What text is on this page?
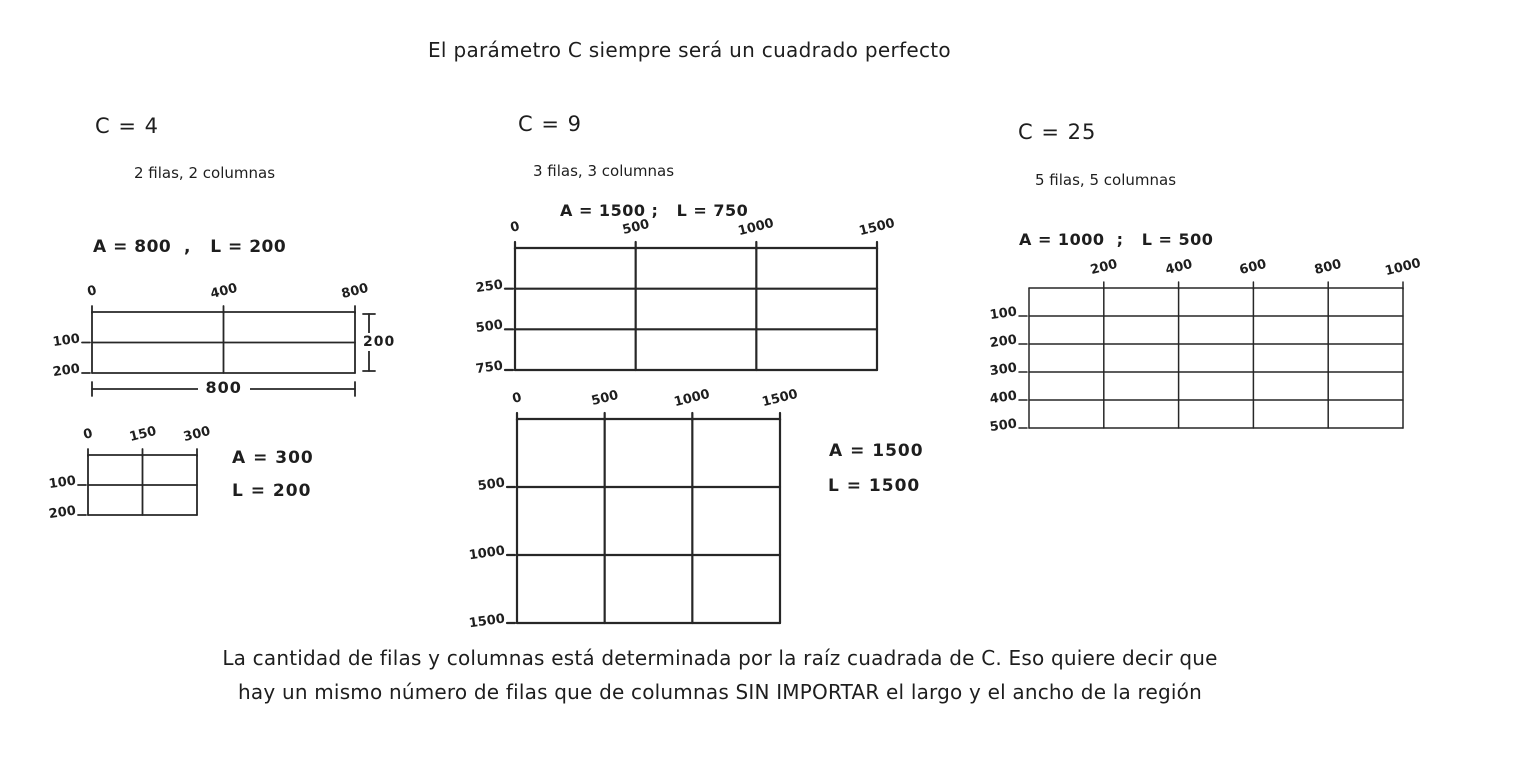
El parámetro C siempre será un cuadrado perfecto
C = 4
2 filas, 2 columnas
A = 800  ,   L = 200
0	400	800
100
200
800
200
0	150	300
100
200
A = 300
L = 200
C = 9
3 filas, 3 columnas
A = 1500 ;   L = 750
0	500	1000	1500
250
500
750
0	500	1000	1500
500
1000
1500
A = 1500
L = 1500
C = 25
5 filas, 5 columnas
A = 1000  ;   L = 500
200	400	600	800	1000
100
200
300
400
500
La cantidad de filas y columnas está determinada por la raíz cuadrada de C. Eso quiere decir que
hay un mismo número de filas que de columnas SIN IMPORTAR el largo y el ancho de la región
